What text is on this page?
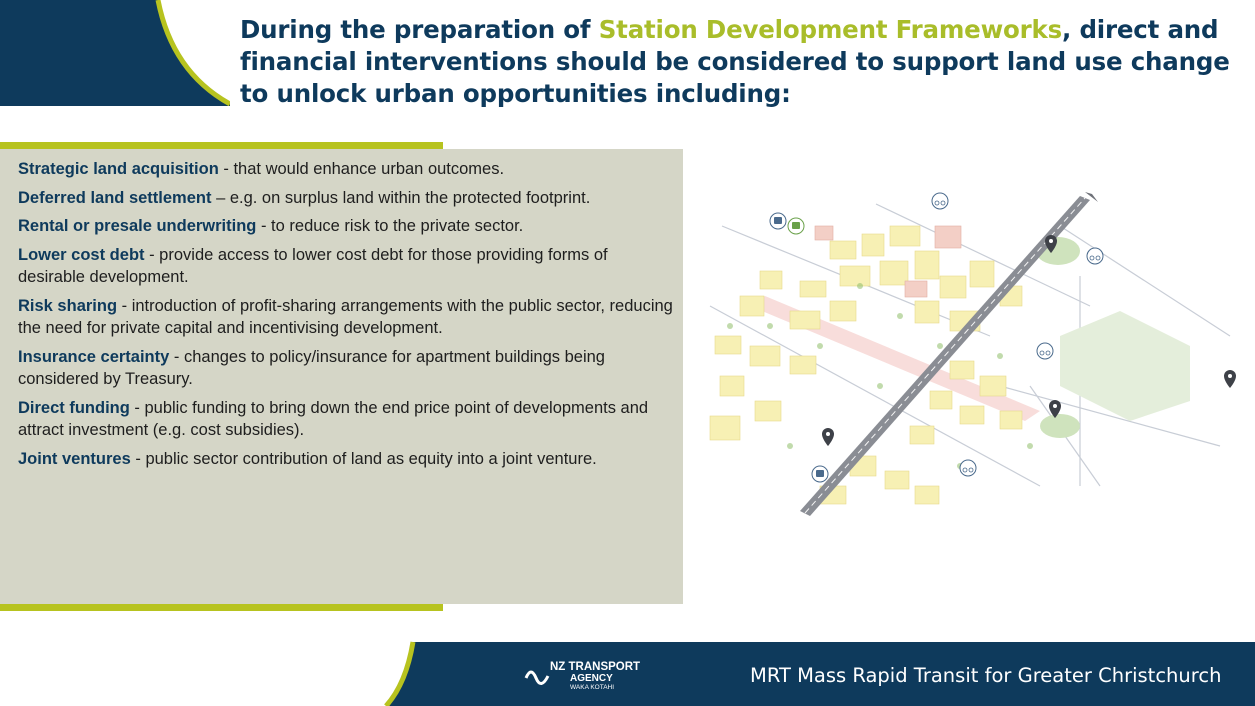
During the preparation of Station Development Frameworks, direct and financial interventions should be considered to support land use change to unlock urban opportunities including:
Strategic land acquisition - that would enhance urban outcomes.
Deferred land settlement – e.g. on surplus land within the protected footprint.
Rental or presale underwriting - to reduce risk to the private sector.
Lower cost debt - provide access to lower cost debt for those providing forms of desirable development.
Risk sharing - introduction of profit-sharing arrangements with the public sector, reducing the need for private capital and incentivising development.
Insurance certainty - changes to policy/insurance for apartment buildings being considered by Treasury.
Direct funding - public funding to bring down the end price point of developments and attract investment (e.g. cost subsidies).
Joint ventures - public sector contribution of land as equity into a joint venture.
NZ TRANSPORT
AGENCY
WAKA KOTAHI
MRT Mass Rapid Transit for Greater Christchurch
